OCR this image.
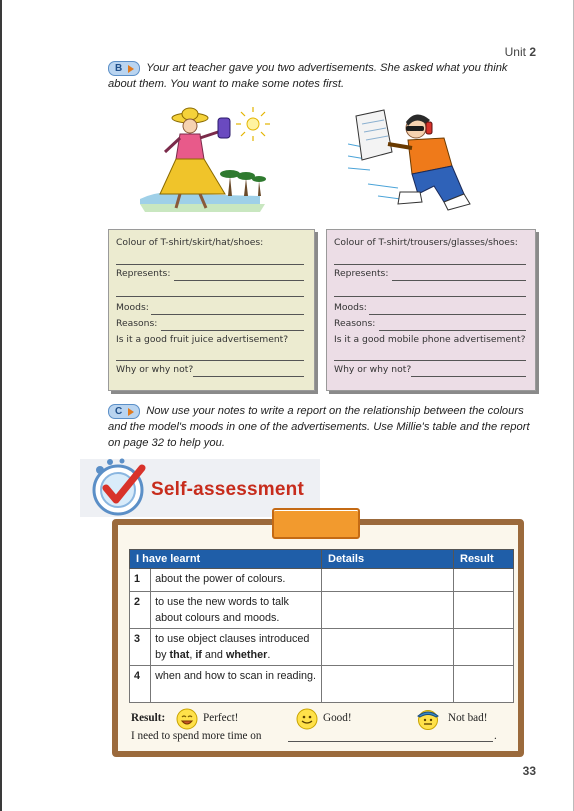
Unit 2
B Your art teacher gave you two advertisements. She asked what you think about them. You want to make some notes first.
Colour of T-shirt/skirt/hat/shoes:
Represents:
Moods:
Reasons:
Is it a good fruit juice advertisement?
Why or why not?
Colour of T-shirt/trousers/glasses/shoes:
Represents:
Moods:
Reasons:
Is it a good mobile phone advertisement?
Why or why not?
C Now use your notes to write a report on the relationship between the colours and the model's moods in one of the advertisements. Use Millie's table and the report on page 32 to help you.
Self-assessment
I have learnt		Details	Result
1	about the power of colours.		
2	to use the new words to talk about colours and moods.		
3	to use object clauses introduced by that, if and whether.		
4	when and how to scan in reading.		
Result:	Perfect!	Good!	Not bad!
I need to spend more time on	.
33
